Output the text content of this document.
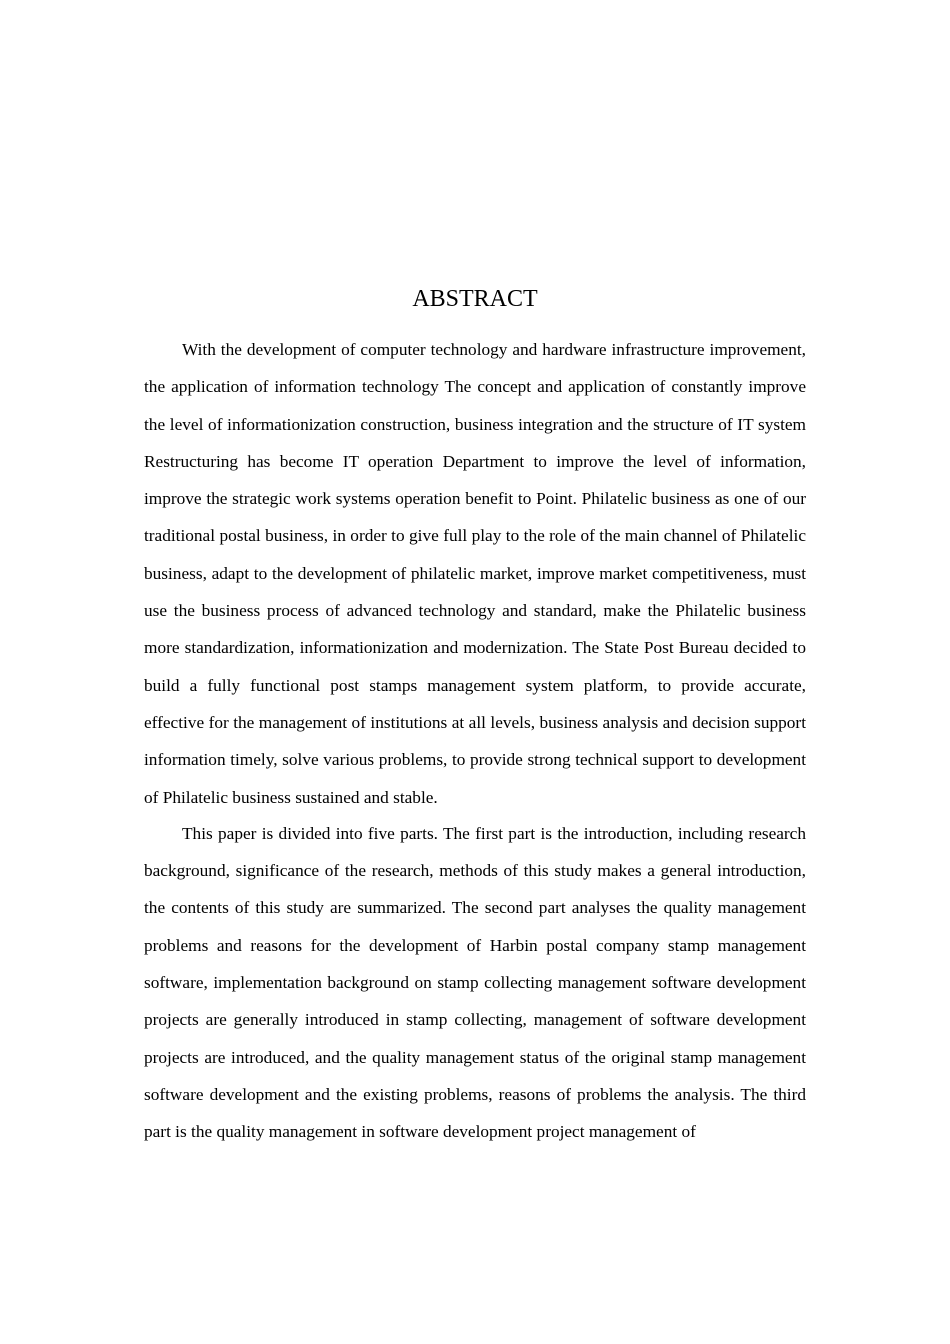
ABSTRACT

With the development of computer technology and hardware infrastructure improvement, the application of information technology The concept and application of constantly improve the level of informationization construction, business integration and the structure of IT system Restructuring has become IT operation Department to improve the level of information, improve the strategic work systems operation benefit to Point. Philatelic business as one of our traditional postal business, in order to give full play to the role of the main channel of Philatelic business, adapt to the development of philatelic market, improve market competitiveness, must use the business process of advanced technology and standard, make the Philatelic business more standardization, informationization and modernization. The State Post Bureau decided to build a fully functional post stamps management system platform, to provide accurate, effective for the management of institutions at all levels, business analysis and decision support information timely, solve various problems, to provide strong technical support to development of Philatelic business sustained and stable.

This paper is divided into five parts. The first part is the introduction, including research background, significance of the research, methods of this study makes a general introduction, the contents of this study are summarized. The second part analyses the quality management problems and reasons for the development of Harbin postal company stamp management software, implementation background on stamp collecting management software development projects are generally introduced in stamp collecting, management of software development projects are introduced, and the quality management status of the original stamp management software development and the existing problems, reasons of problems the analysis. The third part is the quality management in software development project management of
